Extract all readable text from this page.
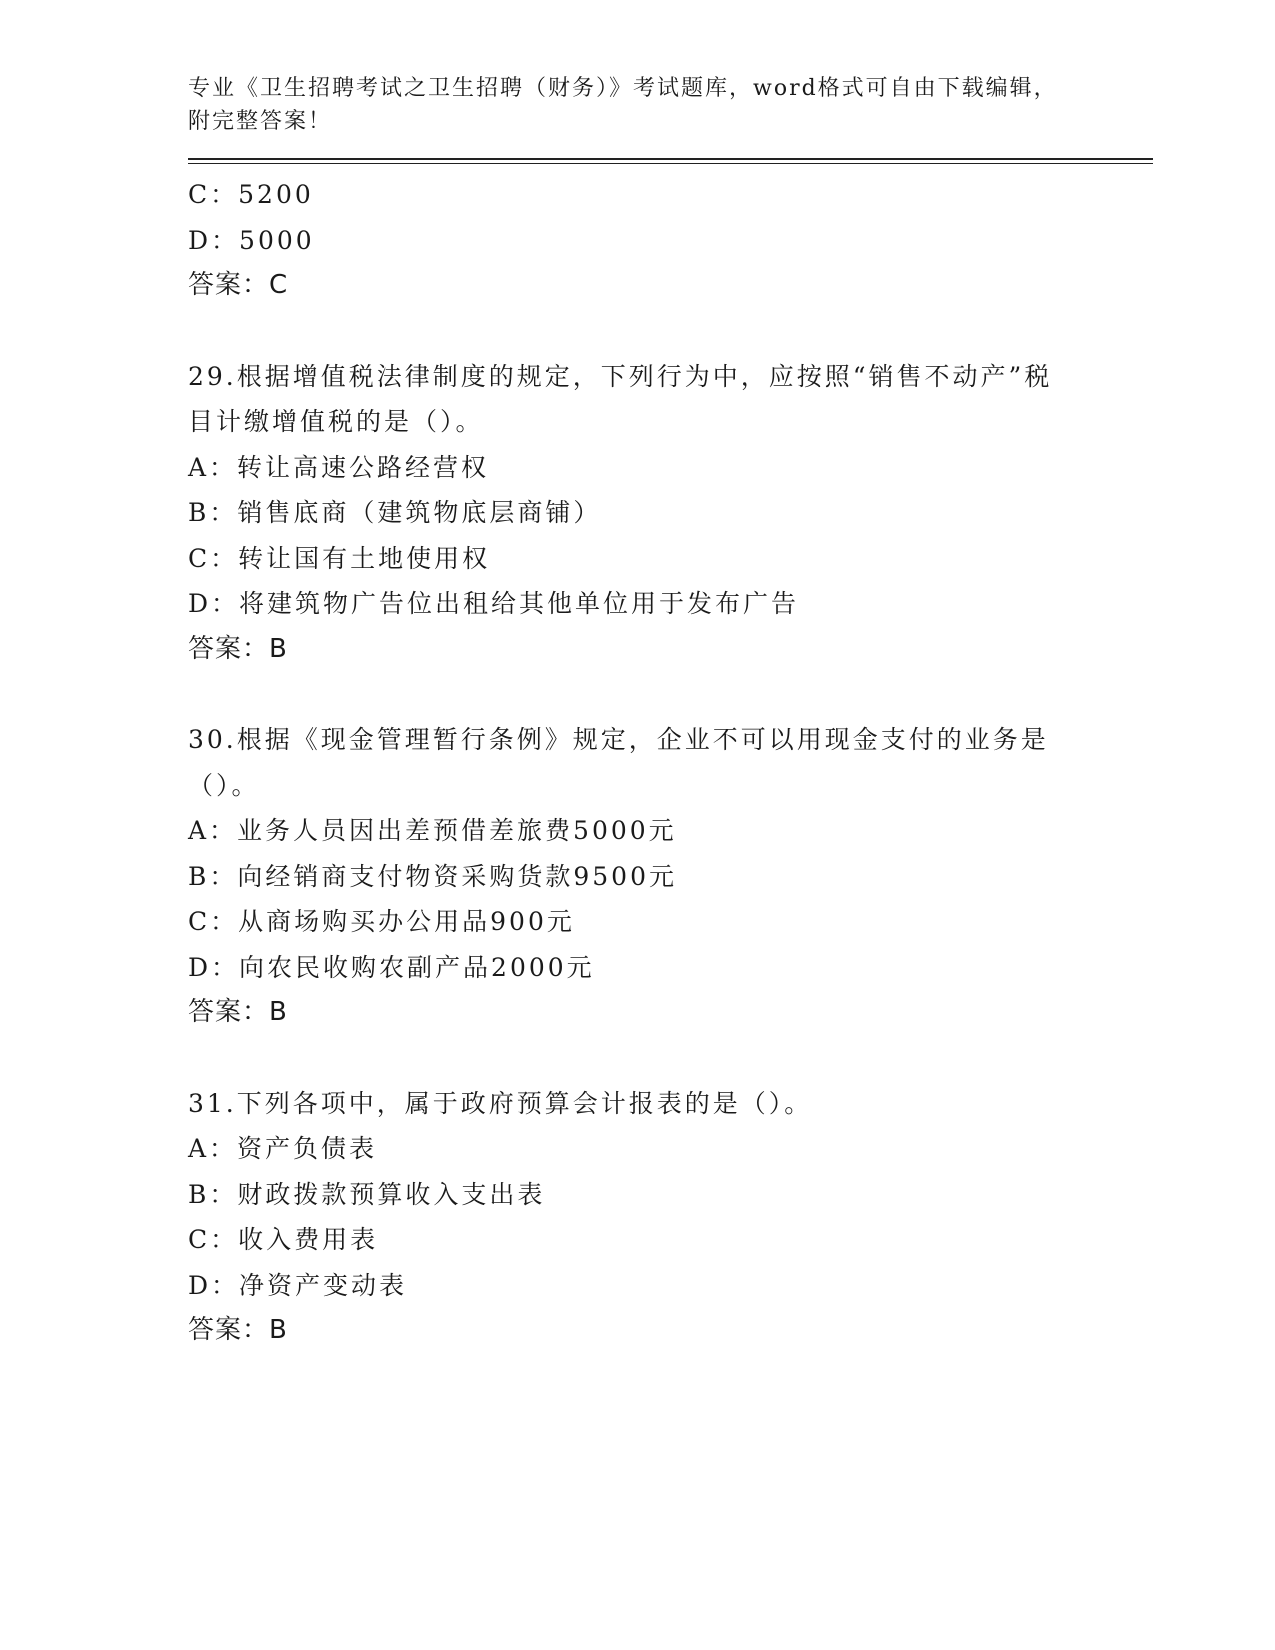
专业《卫生招聘考试之卫生招聘（财务）》考试题库，word格式可自由下载编辑，附完整答案！
C：5200
D：5000
答案：C
29.根据增值税法律制度的规定，下列行为中，应按照“销售不动产”税目计缴增值税的是（）。
A：转让高速公路经营权
B：销售底商（建筑物底层商铺）
C：转让国有土地使用权
D：将建筑物广告位出租给其他单位用于发布广告
答案：B
30.根据《现金管理暂行条例》规定，企业不可以用现金支付的业务是（）。
A：业务人员因出差预借差旅费5000元
B：向经销商支付物资采购货款9500元
C：从商场购买办公用品900元
D：向农民收购农副产品2000元
答案：B
31.下列各项中，属于政府预算会计报表的是（）。
A：资产负债表
B：财政拨款预算收入支出表
C：收入费用表
D：净资产变动表
答案：B
